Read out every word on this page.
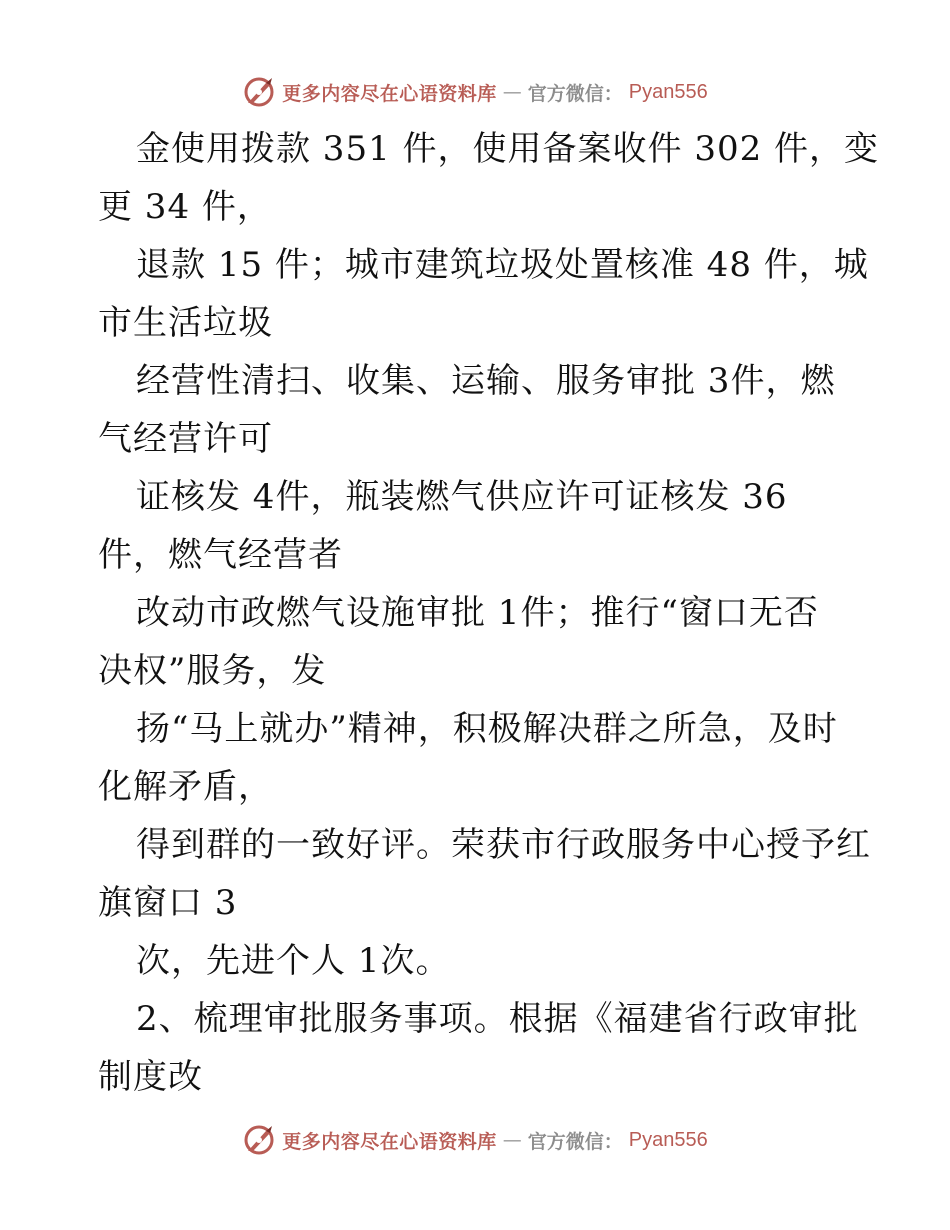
更多内容尽在心语资料库 — 官方微信： Pyan556
金使用拨款 351 件，使用备案收件 302 件，变
更 34 件，
退款 15 件；城市建筑垃圾处置核准 48 件，城
市生活垃圾
经营性清扫、收集、运输、服务审批 3件，燃
气经营许可
证核发 4件，瓶装燃气供应许可证核发 36
件，燃气经营者
改动市政燃气设施审批 1件；推行“窗口无否
决权”服务，发
扬“马上就办”精神，积极解决群之所急，及时
化解矛盾，
得到群的一致好评。荣获市行政服务中心授予红
旗窗口 3
次，先进个人 1次。
2、梳理审批服务事项。根据《福建省行政审批
制度改
更多内容尽在心语资料库 — 官方微信： Pyan556
